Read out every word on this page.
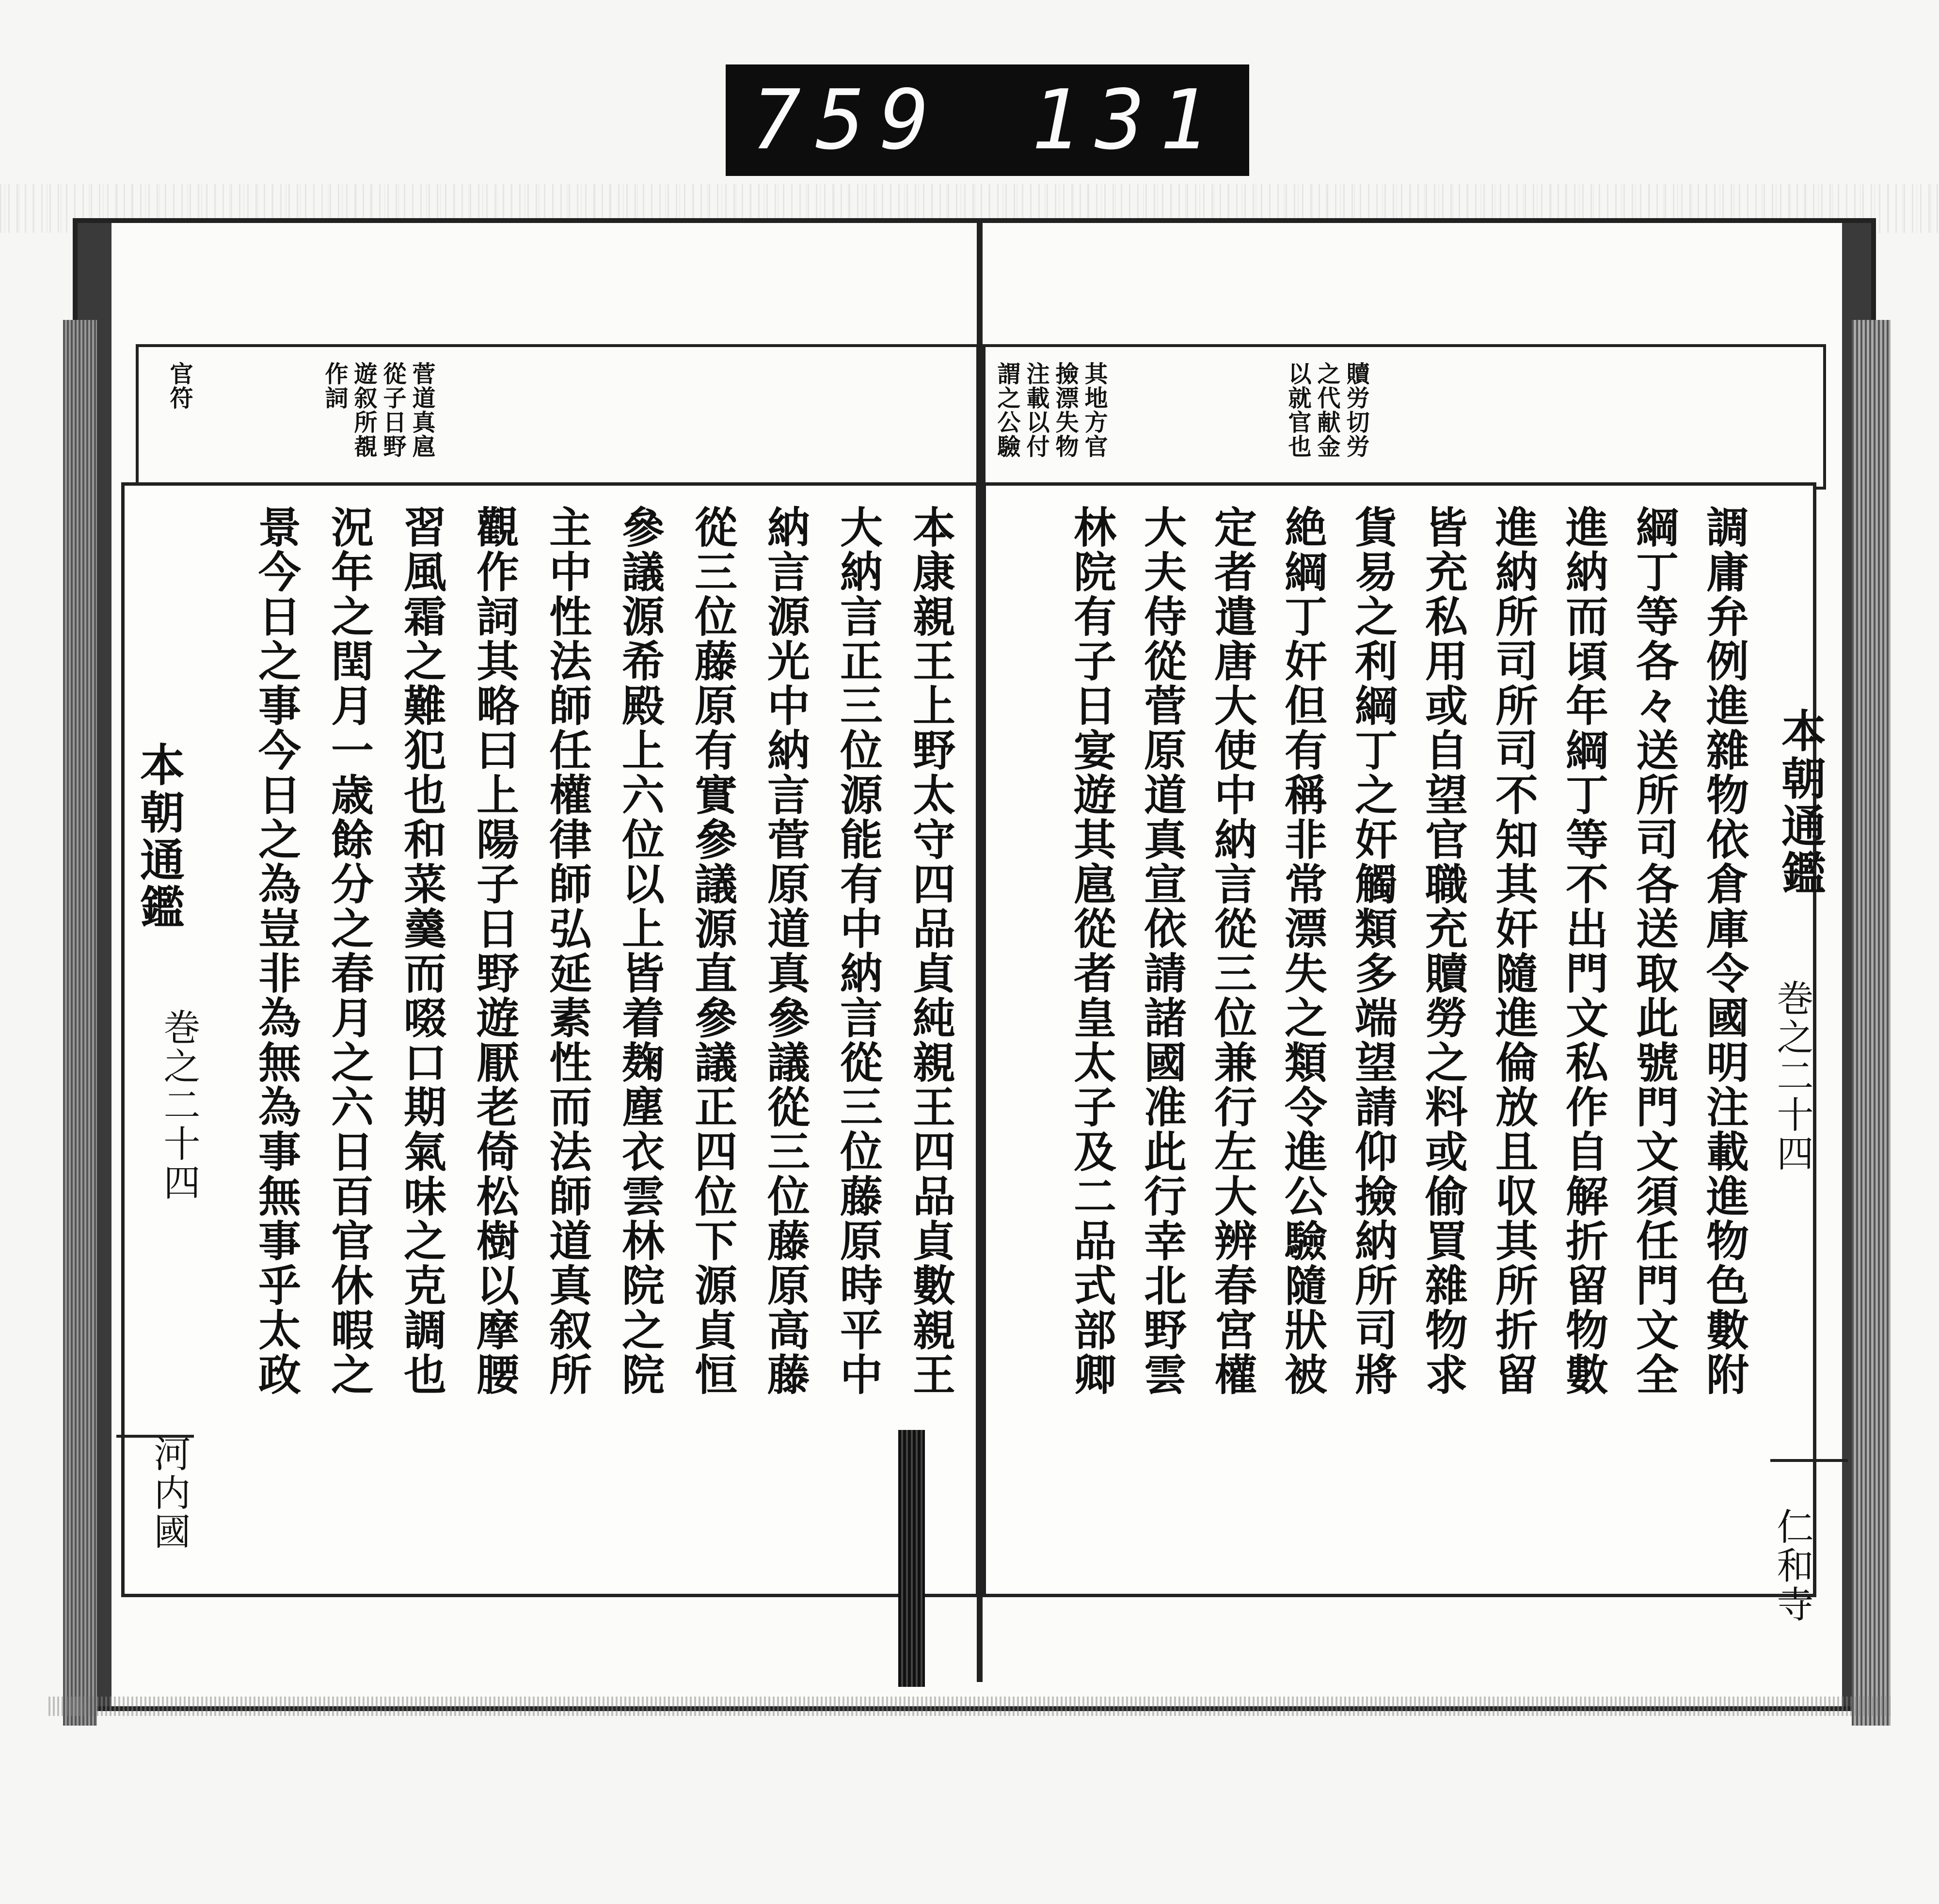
759 131
菅道真扈
從子日野
遊叙所覩
作詞
官符
本康親王上野太守四品貞純親王四品貞數親王
大納言正三位源能有中納言從三位藤原時平中
納言源光中納言菅原道真參議從三位藤原高藤
從三位藤原有實參議源直參議正四位下源貞恒
參議源希殿上六位以上皆着麹塵衣雲林院之院
主中性法師任權律師弘延素性而法師道真叙所
觀作詞其略曰上陽子日野遊厭老倚松樹以摩腰
習風霜之難犯也和菜羹而啜口期氣味之克調也
況年之閏月一歳餘分之春月之六日百官休暇之
景今日之事今日之為豈非為無為事無事乎太政
本朝通鑑
巻之二十四
河内國
贖労切労
之代献金
以就官也
其地方官
撿漂失物
注載以付
謂之公驗
調庸弁例進雜物依倉庫令國明注載進物色數附
綱丁等各々送所司各送取此號門文須任門文全
進納而頃年綱丁等不出門文私作自解折留物數
進納所司所司不知其奸隨進倫放且収其所折留
皆充私用或自望官職充贖勞之料或偷買雜物求
貨易之利綱丁之奸觸類多端望請仰撿納所司將
絶綱丁奸但有稱非常漂失之類令進公驗隨狀被
定者遣唐大使中納言從三位兼行左大辨春宮權
大夫侍從菅原道真宣依請諸國准此行幸北野雲
林院有子日宴遊其扈從者皇太子及二品式部卿	本朝通鑑
巻之二十四
仁和寺
